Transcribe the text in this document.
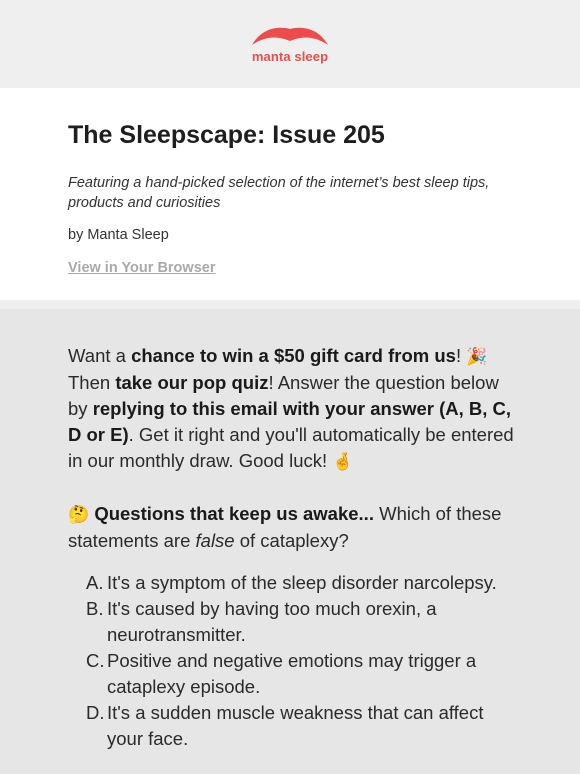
manta sleep
The Sleepscape: Issue 205
Featuring a hand-picked selection of the internet’s best sleep tips, products and curiosities
by Manta Sleep
View in Your Browser

Want a chance to win a $50 gift card from us! 🎉 Then take our pop quiz! Answer the question below by replying to this email with your answer (A, B, C, D or E). Get it right and you'll automatically be entered in our monthly draw. Good luck! 🤞

🤔 Questions that keep us awake... Which of these statements are false of cataplexy?

A. It's a symptom of the sleep disorder narcolepsy.
B. It's caused by having too much orexin, a neurotransmitter.
C. Positive and negative emotions may trigger a cataplexy episode.
D. It's a sudden muscle weakness that can affect your face.
